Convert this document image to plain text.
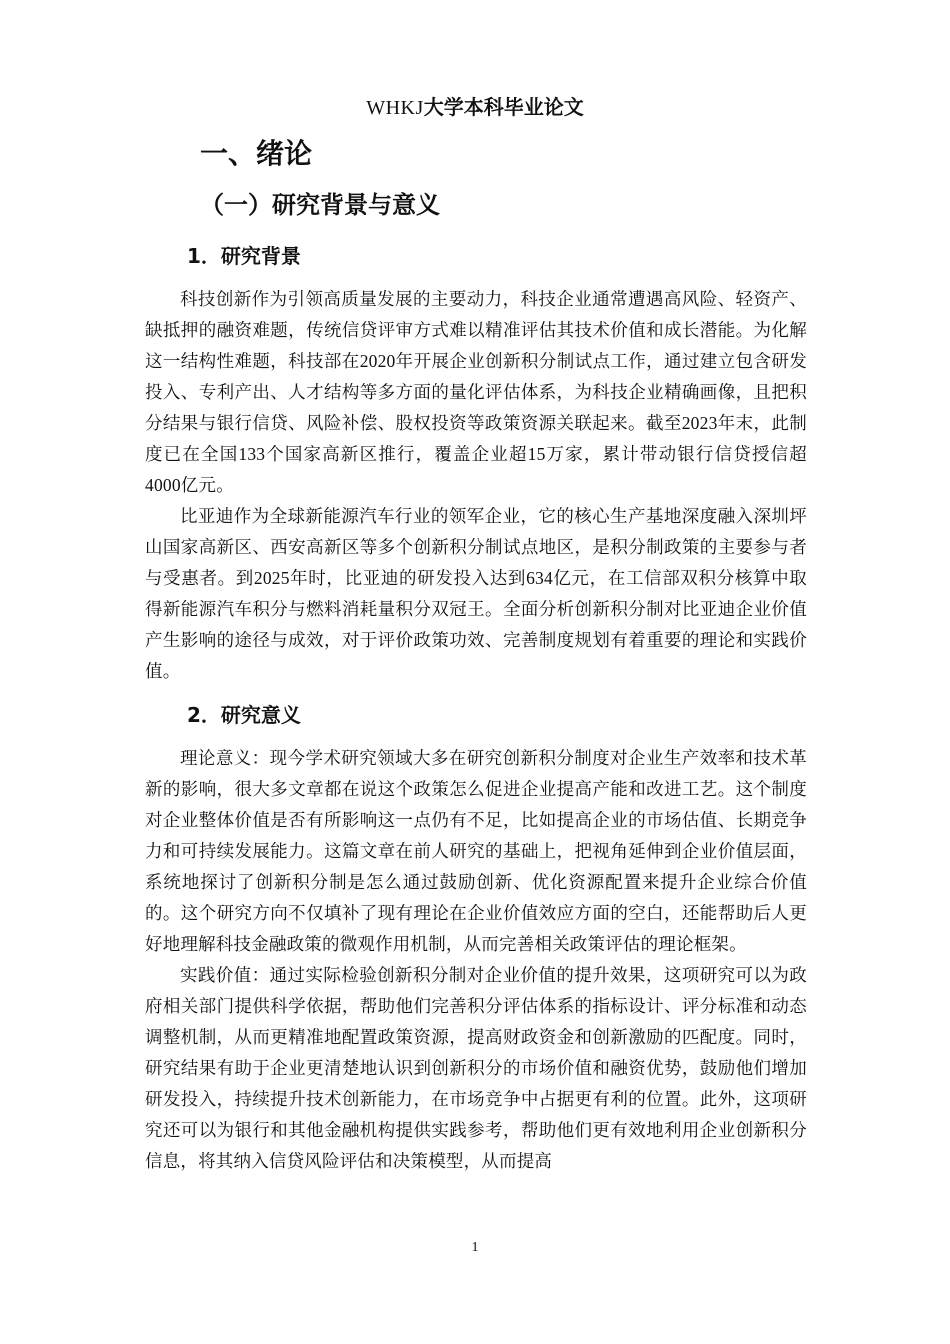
WHKJ大学本科毕业论文
一、绪论
（一）研究背景与意义
1．研究背景

科技创新作为引领高质量发展的主要动力，科技企业通常遭遇高风险、轻资产、缺抵押的融资难题，传统信贷评审方式难以精准评估其技术价值和成长潜能。为化解这一结构性难题，科技部在2020年开展企业创新积分制试点工作，通过建立包含研发投入、专利产出、人才结构等多方面的量化评估体系，为科技企业精确画像，且把积分结果与银行信贷、风险补偿、股权投资等政策资源关联起来。截至2023年末，此制度已在全国133个国家高新区推行，覆盖企业超15万家，累计带动银行信贷授信超4000亿元。

比亚迪作为全球新能源汽车行业的领军企业，它的核心生产基地深度融入深圳坪山国家高新区、西安高新区等多个创新积分制试点地区，是积分制政策的主要参与者与受惠者。到2025年时，比亚迪的研发投入达到634亿元，在工信部双积分核算中取得新能源汽车积分与燃料消耗量积分双冠王。全面分析创新积分制对比亚迪企业价值产生影响的途径与成效，对于评价政策功效、完善制度规划有着重要的理论和实践价值。

2．研究意义

理论意义：现今学术研究领域大多在研究创新积分制度对企业生产效率和技术革新的影响，很大多文章都在说这个政策怎么促进企业提高产能和改进工艺。这个制度对企业整体价值是否有所影响这一点仍有不足，比如提高企业的市场估值、长期竞争力和可持续发展能力。这篇文章在前人研究的基础上，把视角延伸到企业价值层面，系统地探讨了创新积分制是怎么通过鼓励创新、优化资源配置来提升企业综合价值的。这个研究方向不仅填补了现有理论在企业价值效应方面的空白，还能帮助后人更好地理解科技金融政策的微观作用机制，从而完善相关政策评估的理论框架。

实践价值：通过实际检验创新积分制对企业价值的提升效果，这项研究可以为政府相关部门提供科学依据，帮助他们完善积分评估体系的指标设计、评分标准和动态调整机制，从而更精准地配置政策资源，提高财政资金和创新激励的匹配度。同时，研究结果有助于企业更清楚地认识到创新积分的市场价值和融资优势，鼓励他们增加研发投入，持续提升技术创新能力，在市场竞争中占据更有利的位置。此外，这项研究还可以为银行和其他金融机构提供实践参考，帮助他们更有效地利用企业创新积分信息，将其纳入信贷风险评估和决策模型，从而提高

1
